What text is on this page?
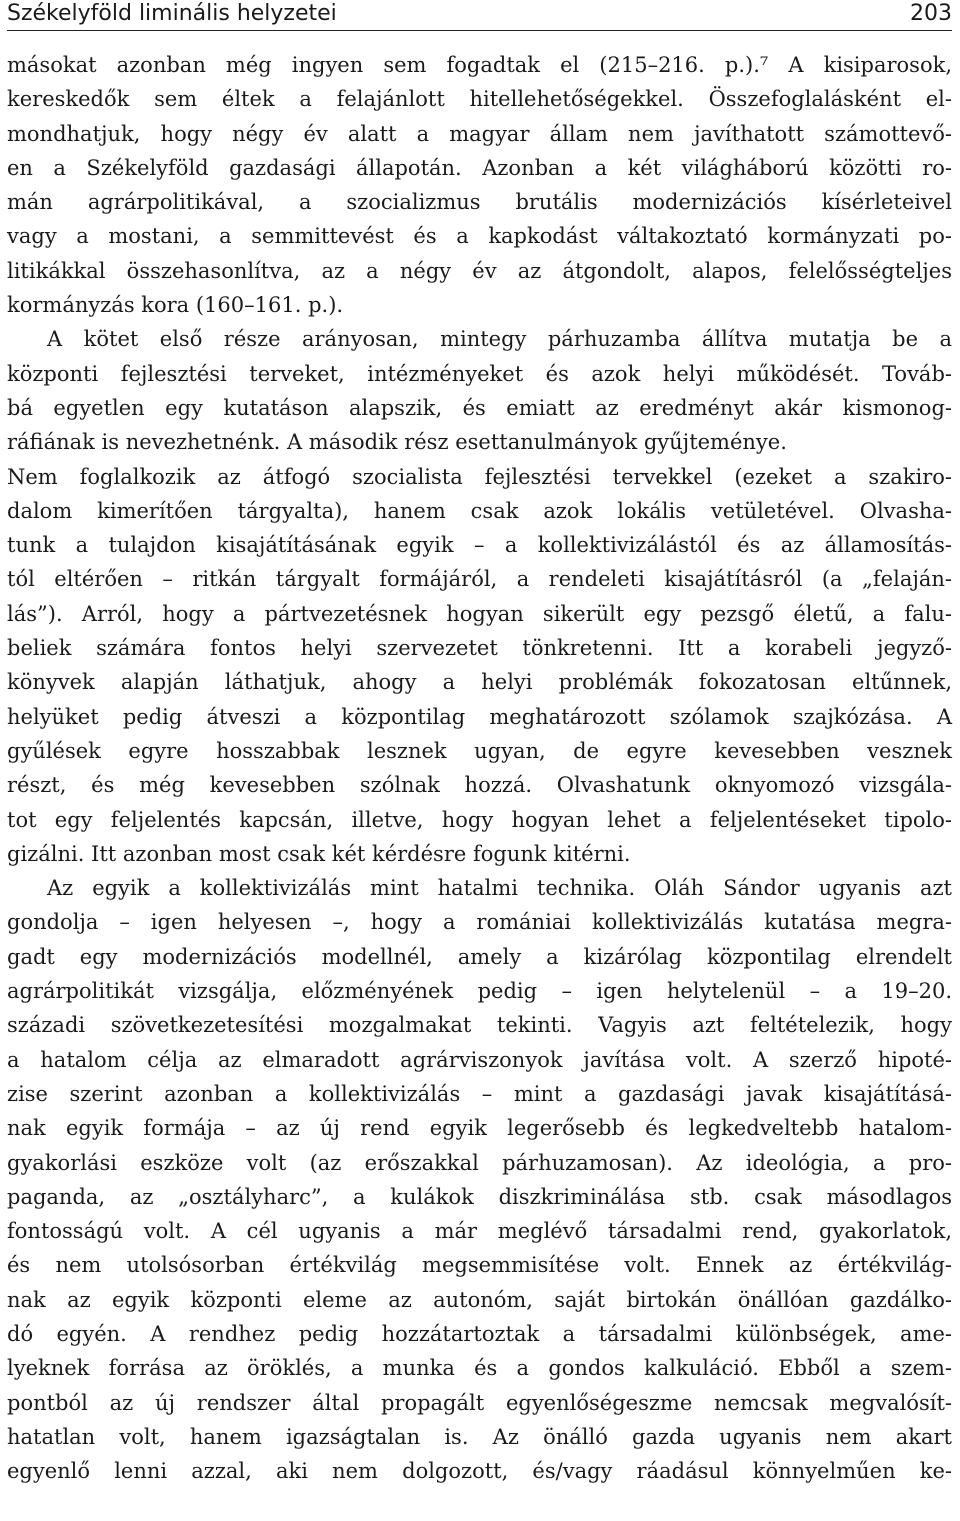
Székelyföld liminális helyzetei	203
másokat azonban még ingyen sem fogadtak el (215–216. p.).⁷ A kisiparosok,
kereskedők sem éltek a felajánlott hitellehetőségekkel. Összefoglalásként el-
mondhatjuk, hogy négy év alatt a magyar állam nem javíthatott számottevő-
en a Székelyföld gazdasági állapotán. Azonban a két világháború közötti ro-
mán agrárpolitikával, a szocializmus brutális modernizációs kísérleteivel
vagy a mostani, a semmittevést és a kapkodást váltakoztató kormányzati po-
litikákkal összehasonlítva, az a négy év az átgondolt, alapos, felelősségteljes
kormányzás kora (160–161. p.).
A kötet első része arányosan, mintegy párhuzamba állítva mutatja be a
központi fejlesztési terveket, intézményeket és azok helyi működését. Továb-
bá egyetlen egy kutatáson alapszik, és emiatt az eredményt akár kismonog-
ráfiának is nevezhetnénk. A második rész esettanulmányok gyűjteménye.
Nem foglalkozik az átfogó szocialista fejlesztési tervekkel (ezeket a szakiro-
dalom kimerítően tárgyalta), hanem csak azok lokális vetületével. Olvasha-
tunk a tulajdon kisajátításának egyik – a kollektivizálástól és az államosítás-
tól eltérően – ritkán tárgyalt formájáról, a rendeleti kisajátításról (a „felaján-
lás”). Arról, hogy a pártvezetésnek hogyan sikerült egy pezsgő életű, a falu-
beliek számára fontos helyi szervezetet tönkretenni. Itt a korabeli jegyző-
könyvek alapján láthatjuk, ahogy a helyi problémák fokozatosan eltűnnek,
helyüket pedig átveszi a központilag meghatározott szólamok szajkózása. A
gyűlések egyre hosszabbak lesznek ugyan, de egyre kevesebben vesznek
részt, és még kevesebben szólnak hozzá. Olvashatunk oknyomozó vizsgála-
tot egy feljelentés kapcsán, illetve, hogy hogyan lehet a feljelentéseket tipolo-
gizálni. Itt azonban most csak két kérdésre fogunk kitérni.
Az egyik a kollektivizálás mint hatalmi technika. Oláh Sándor ugyanis azt
gondolja – igen helyesen –, hogy a romániai kollektivizálás kutatása megra-
gadt egy modernizációs modellnél, amely a kizárólag központilag elrendelt
agrárpolitikát vizsgálja, előzményének pedig – igen helytelenül – a 19–20.
századi szövetkezetesítési mozgalmakat tekinti. Vagyis azt feltételezik, hogy
a hatalom célja az elmaradott agrárviszonyok javítása volt. A szerző hipoté-
zise szerint azonban a kollektivizálás – mint a gazdasági javak kisajátításá-
nak egyik formája – az új rend egyik legerősebb és legkedveltebb hatalom-
gyakorlási eszköze volt (az erőszakkal párhuzamosan). Az ideológia, a pro-
paganda, az „osztályharc”, a kulákok diszkriminálása stb. csak másodlagos
fontosságú volt. A cél ugyanis a már meglévő társadalmi rend, gyakorlatok,
és nem utolsósorban értékvilág megsemmisítése volt. Ennek az értékvilág-
nak az egyik központi eleme az autonóm, saját birtokán önállóan gazdálko-
dó egyén. A rendhez pedig hozzátartoztak a társadalmi különbségek, ame-
lyeknek forrása az öröklés, a munka és a gondos kalkuláció. Ebből a szem-
pontból az új rendszer által propagált egyenlőségeszme nemcsak megvalósít-
hatatlan volt, hanem igazságtalan is. Az önálló gazda ugyanis nem akart
egyenlő lenni azzal, aki nem dolgozott, és/vagy ráadásul könnyelműen ke-
